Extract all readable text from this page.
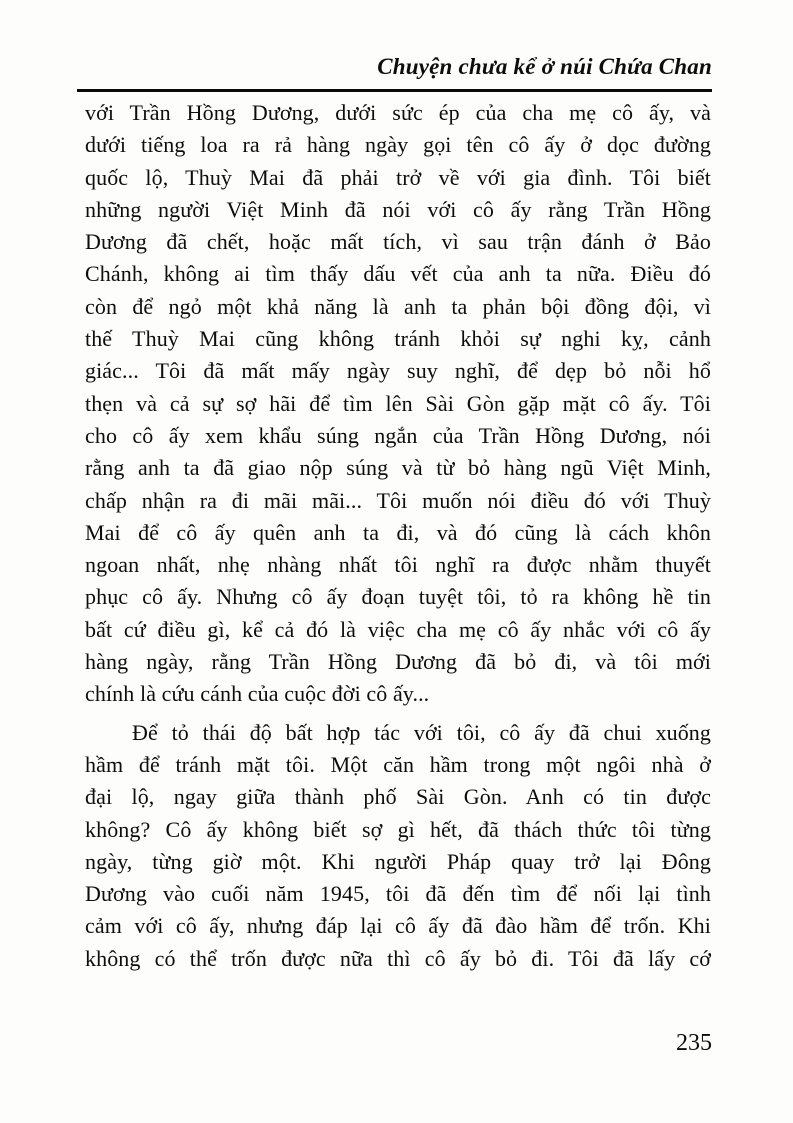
Chuyện chưa kể ở núi Chứa Chan
với Trần Hồng Dương, dưới sức ép của cha mẹ cô ấy, và
dưới tiếng loa ra rả hàng ngày gọi tên cô ấy ở dọc đường
quốc lộ, Thuỳ Mai đã phải trở về với gia đình. Tôi biết
những người Việt Minh đã nói với cô ấy rằng Trần Hồng
Dương đã chết, hoặc mất tích, vì sau trận đánh ở Bảo
Chánh, không ai tìm thấy dấu vết của anh ta nữa. Điều đó
còn để ngỏ một khả năng là anh ta phản bội đồng đội, vì
thế Thuỳ Mai cũng không tránh khỏi sự nghi kỵ, cảnh
giác... Tôi đã mất mấy ngày suy nghĩ, để dẹp bỏ nỗi hổ
thẹn và cả sự sợ hãi để tìm lên Sài Gòn gặp mặt cô ấy. Tôi
cho cô ấy xem khẩu súng ngắn của Trần Hồng Dương, nói
rằng anh ta đã giao nộp súng và từ bỏ hàng ngũ Việt Minh,
chấp nhận ra đi mãi mãi... Tôi muốn nói điều đó với Thuỳ
Mai để cô ấy quên anh ta đi, và đó cũng là cách khôn
ngoan nhất, nhẹ nhàng nhất tôi nghĩ ra được nhằm thuyết
phục cô ấy. Nhưng cô ấy đoạn tuyệt tôi, tỏ ra không hề tin
bất cứ điều gì, kể cả đó là việc cha mẹ cô ấy nhắc với cô ấy
hàng ngày, rằng Trần Hồng Dương đã bỏ đi, và tôi mới
chính là cứu cánh của cuộc đời cô ấy...
Để tỏ thái độ bất hợp tác với tôi, cô ấy đã chui xuống
hầm để tránh mặt tôi. Một căn hầm trong một ngôi nhà ở
đại lộ, ngay giữa thành phố Sài Gòn. Anh có tin được
không? Cô ấy không biết sợ gì hết, đã thách thức tôi từng
ngày, từng giờ một. Khi người Pháp quay trở lại Đông
Dương vào cuối năm 1945, tôi đã đến tìm để nối lại tình
cảm với cô ấy, nhưng đáp lại cô ấy đã đào hầm để trốn. Khi
không có thể trốn được nữa thì cô ấy bỏ đi. Tôi đã lấy cớ
235
